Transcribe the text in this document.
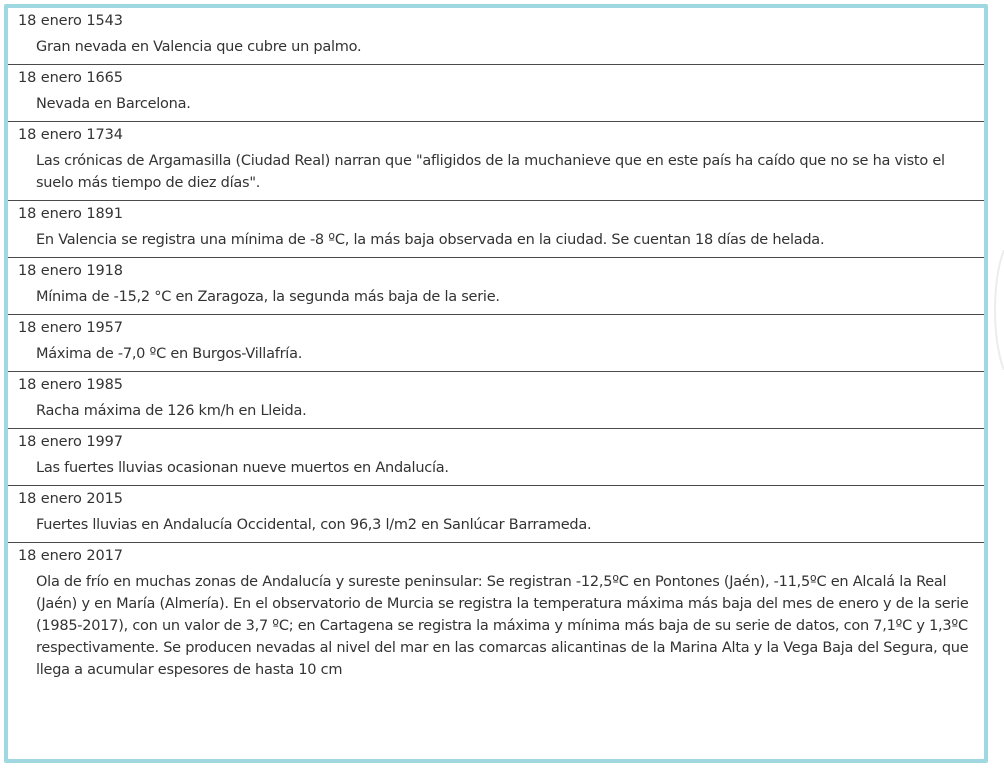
18 enero 1543
Gran nevada en Valencia que cubre un palmo.
18 enero 1665
Nevada en Barcelona.
18 enero 1734
Las crónicas de Argamasilla (Ciudad Real) narran que "afligidos de la muchanieve que en este país ha caído que no se ha visto el suelo más tiempo de diez días".
18 enero 1891
En Valencia se registra una mínima de -8 ºC, la más baja observada en la ciudad. Se cuentan 18 días de helada.
18 enero 1918
Mínima de -15,2 °C en Zaragoza, la segunda más baja de la serie.
18 enero 1957
Máxima de -7,0 ºC en Burgos-Villafría.
18 enero 1985
Racha máxima de 126 km/h en Lleida.
18 enero 1997
Las fuertes lluvias ocasionan nueve muertos en Andalucía.
18 enero 2015
Fuertes lluvias en Andalucía Occidental, con 96,3 l/m2 en Sanlúcar Barrameda.
18 enero 2017
Ola de frío en muchas zonas de Andalucía y sureste peninsular: Se registran -12,5ºC en Pontones (Jaén), -11,5ºC en Alcalá la Real (Jaén) y en María (Almería). En el observatorio de Murcia se registra la temperatura máxima más baja del mes de enero y de la serie (1985-2017), con un valor de 3,7 ºC; en Cartagena se registra la máxima y mínima más baja de su serie de datos, con 7,1ºC y 1,3ºC respectivamente. Se producen nevadas al nivel del mar en las comarcas alicantinas de la Marina Alta y la Vega Baja del Segura, que llega a acumular espesores de hasta 10 cm
